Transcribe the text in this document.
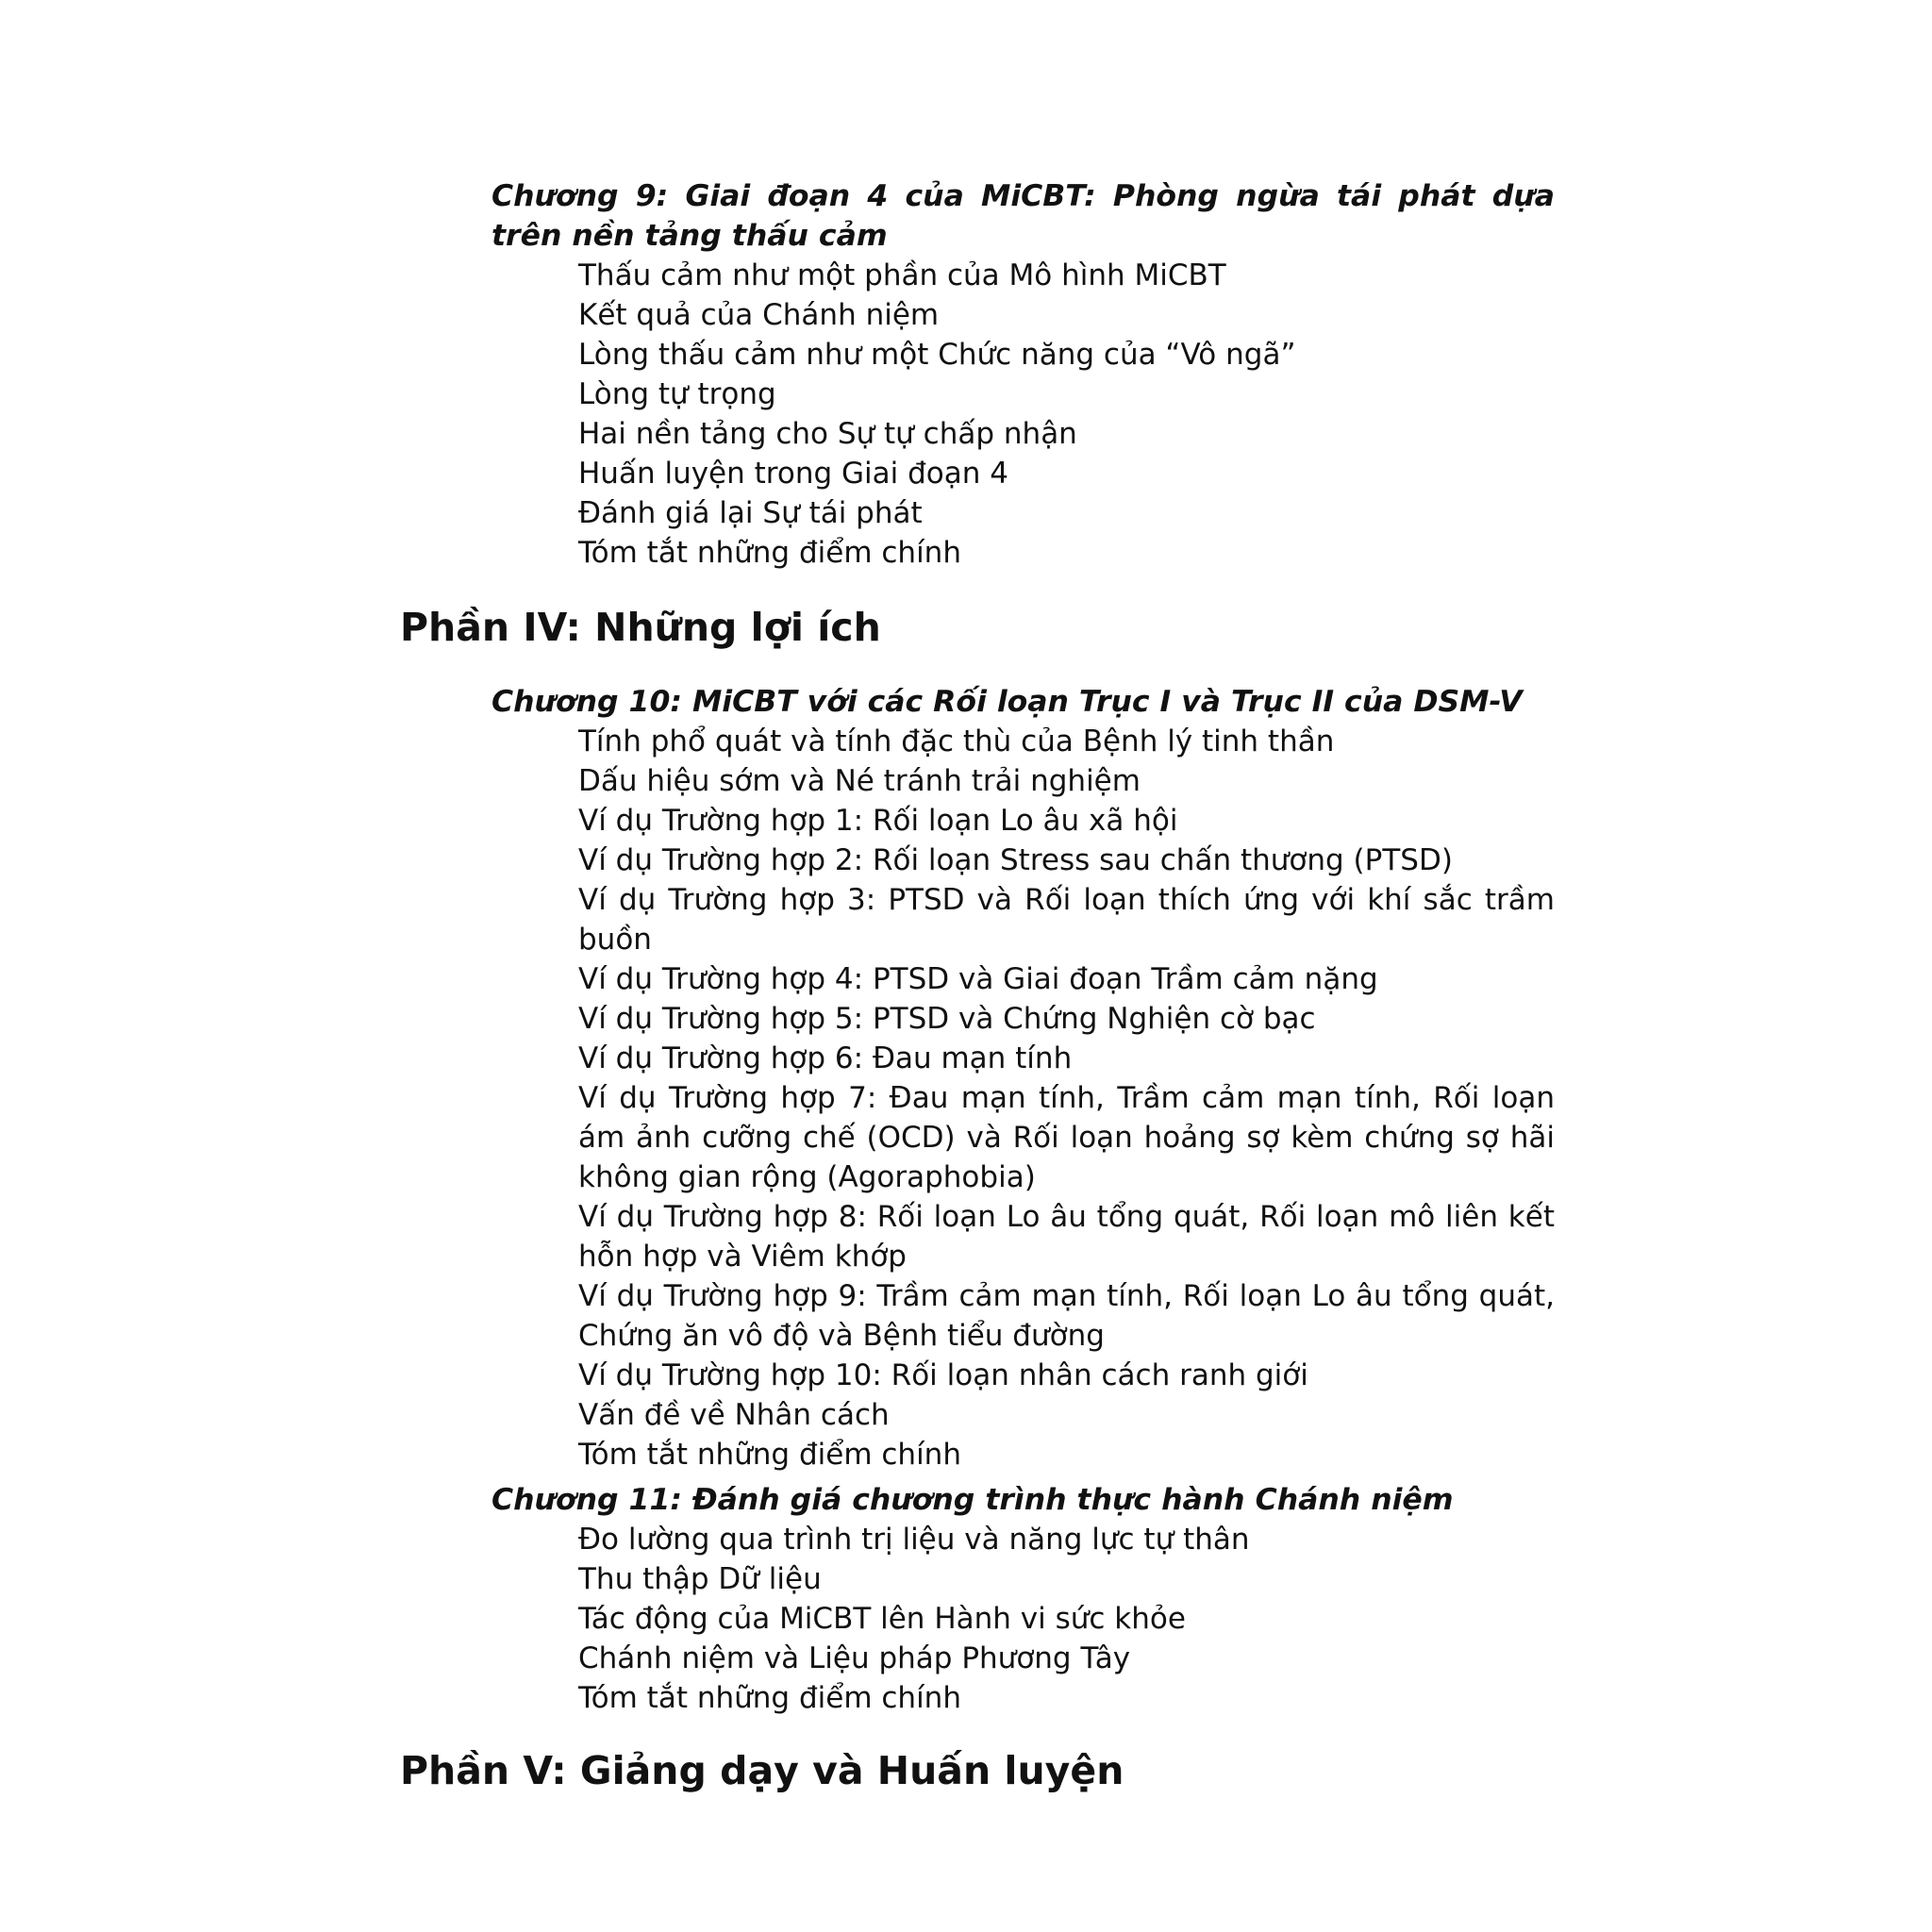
Chương 9: Giai đoạn 4 của MiCBT: Phòng ngừa tái phát dựa trên nền tảng thấu cảm

Thấu cảm như một phần của Mô hình MiCBT
Kết quả của Chánh niệm
Lòng thấu cảm như một Chức năng của “Vô ngã”
Lòng tự trọng
Hai nền tảng cho Sự tự chấp nhận
Huấn luyện trong Giai đoạn 4
Đánh giá lại Sự tái phát
Tóm tắt những điểm chính
Phần IV: Những lợi ích

Chương 10: MiCBT với các Rối loạn Trục I và Trục II của DSM-V

Tính phổ quát và tính đặc thù của Bệnh lý tinh thần
Dấu hiệu sớm và Né tránh trải nghiệm
Ví dụ Trường hợp 1: Rối loạn Lo âu xã hội
Ví dụ Trường hợp 2: Rối loạn Stress sau chấn thương (PTSD)
Ví dụ Trường hợp 3: PTSD và Rối loạn thích ứng với khí sắc trầm buồn
Ví dụ Trường hợp 4: PTSD và Giai đoạn Trầm cảm nặng
Ví dụ Trường hợp 5: PTSD và Chứng Nghiện cờ bạc
Ví dụ Trường hợp 6: Đau mạn tính
Ví dụ Trường hợp 7: Đau mạn tính, Trầm cảm mạn tính, Rối loạn ám ảnh cưỡng chế (OCD) và Rối loạn hoảng sợ kèm chứng sợ hãi không gian rộng (Agoraphobia)
Ví dụ Trường hợp 8: Rối loạn Lo âu tổng quát, Rối loạn mô liên kết hỗn hợp và Viêm khớp
Ví dụ Trường hợp 9: Trầm cảm mạn tính, Rối loạn Lo âu tổng quát, Chứng ăn vô độ và Bệnh tiểu đường
Ví dụ Trường hợp 10: Rối loạn nhân cách ranh giới
Vấn đề về Nhân cách
Tóm tắt những điểm chính

Chương 11: Đánh giá chương trình thực hành Chánh niệm

Đo lường qua trình trị liệu và năng lực tự thân
Thu thập Dữ liệu
Tác động của MiCBT lên Hành vi sức khỏe
Chánh niệm và Liệu pháp Phương Tây
Tóm tắt những điểm chính
Phần V: Giảng dạy và Huấn luyện
